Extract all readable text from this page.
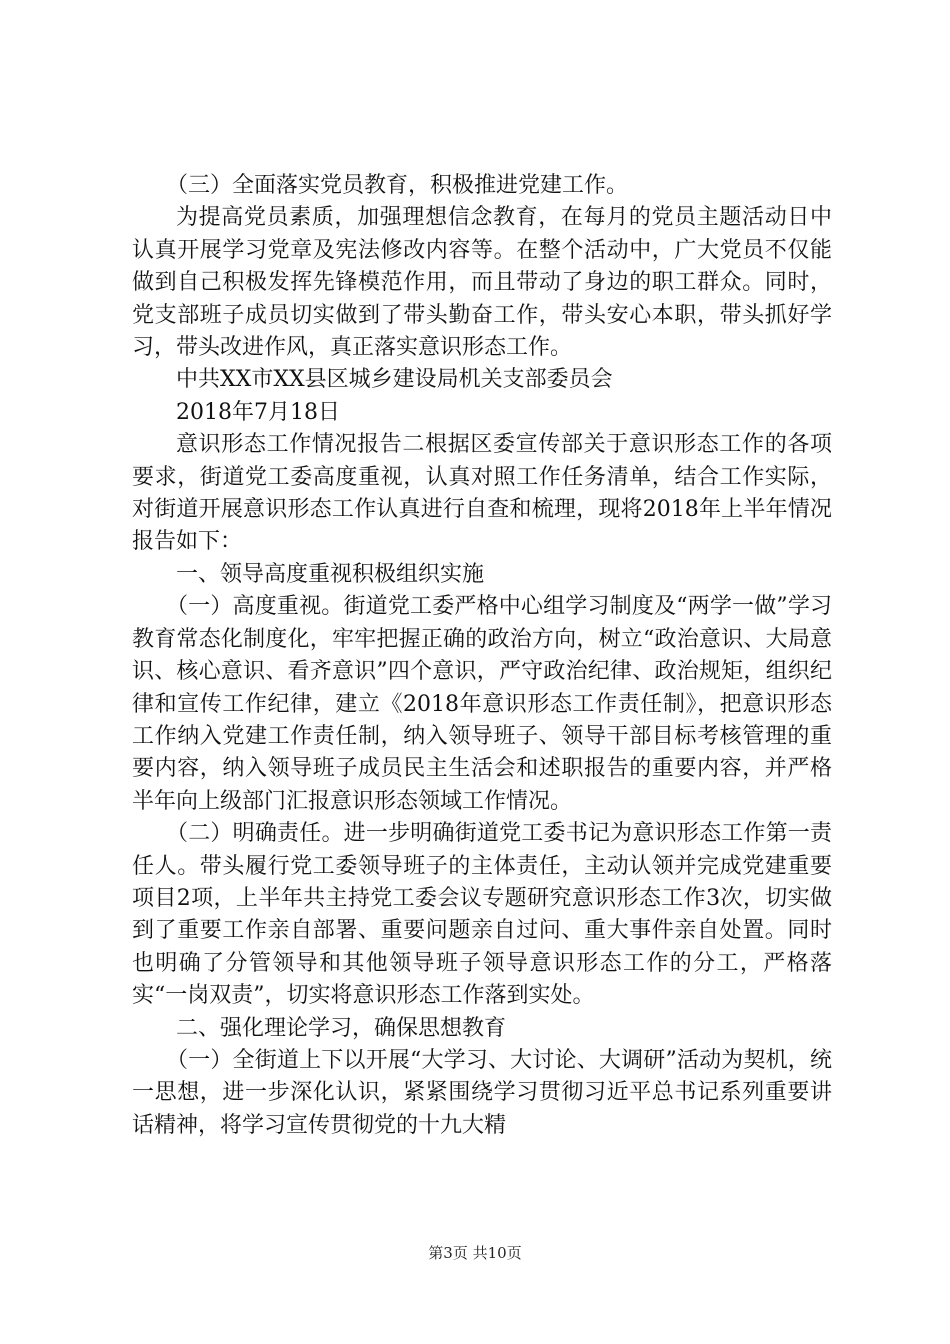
（三）全面落实党员教育，积极推进党建工作。

为提高党员素质，加强理想信念教育，在每月的党员主题活动日中认真开展学习党章及宪法修改内容等。在整个活动中，广大党员不仅能做到自己积极发挥先锋模范作用，而且带动了身边的职工群众。同时，党支部班子成员切实做到了带头勤奋工作，带头安心本职，带头抓好学习，带头改进作风，真正落实意识形态工作。

中共XX市XX县区城乡建设局机关支部委员会

2018年7月18日

意识形态工作情况报告二根据区委宣传部关于意识形态工作的各项要求，街道党工委高度重视，认真对照工作任务清单，结合工作实际，对街道开展意识形态工作认真进行自查和梳理，现将2018年上半年情况报告如下：

一、领导高度重视积极组织实施

（一）高度重视。街道党工委严格中心组学习制度及“两学一做”学习教育常态化制度化，牢牢把握正确的政治方向，树立“政治意识、大局意识、核心意识、看齐意识”四个意识，严守政治纪律、政治规矩，组织纪律和宣传工作纪律，建立《2018年意识形态工作责任制》，把意识形态工作纳入党建工作责任制，纳入领导班子、领导干部目标考核管理的重要内容，纳入领导班子成员民主生活会和述职报告的重要内容，并严格半年向上级部门汇报意识形态领域工作情况。

（二）明确责任。进一步明确街道党工委书记为意识形态工作第一责任人。带头履行党工委领导班子的主体责任，主动认领并完成党建重要项目2项，上半年共主持党工委会议专题研究意识形态工作3次，切实做到了重要工作亲自部署、重要问题亲自过问、重大事件亲自处置。同时也明确了分管领导和其他领导班子领导意识形态工作的分工，严格落实“一岗双责”，切实将意识形态工作落到实处。

二、强化理论学习，确保思想教育

（一）全街道上下以开展“大学习、大讨论、大调研”活动为契机，统一思想，进一步深化认识，紧紧围绕学习贯彻习近平总书记系列重要讲话精神，将学习宣传贯彻党的十九大精

第3页 共10页
